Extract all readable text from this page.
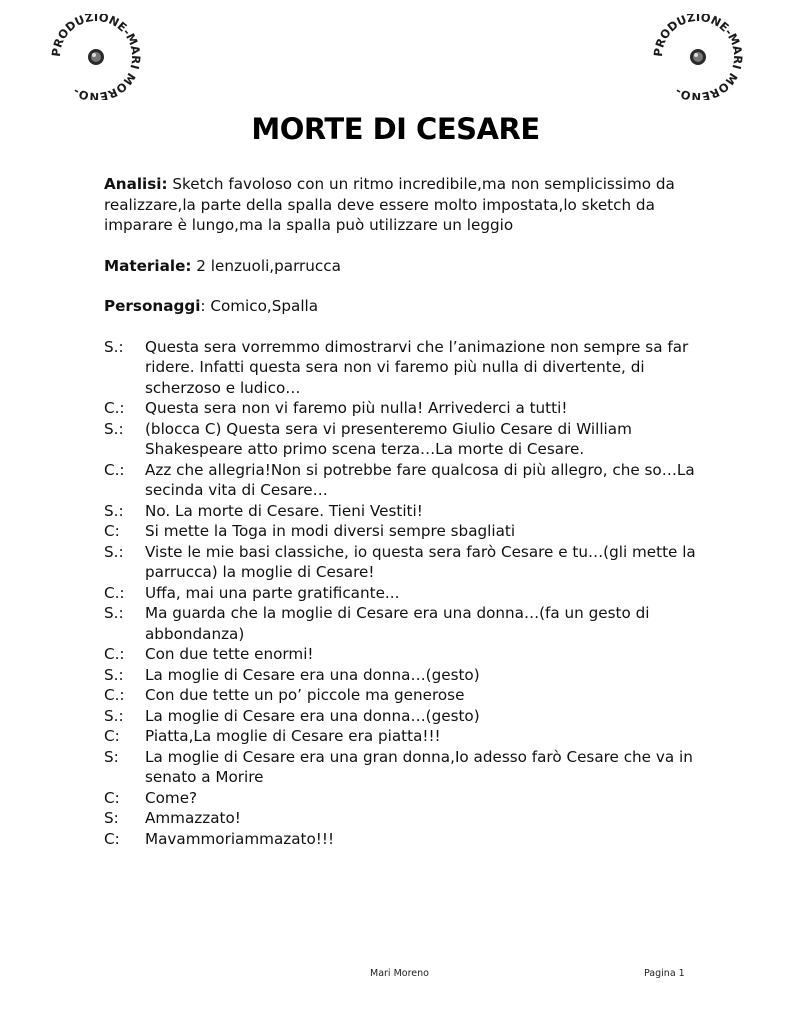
PRODUZIONE-MARI MORENO-
PRODUZIONE-MARI MORENO-
MORTE DI CESARE

Analisi: Sketch favoloso con un ritmo incredibile,ma non semplicissimo da realizzare,la parte della spalla deve essere molto impostata,lo sketch da imparare è lungo,ma la spalla può utilizzare un leggio

Materiale: 2 lenzuoli,parrucca

Personaggi: Comico,Spalla

S.:	Questa sera vorremmo dimostrarvi che l’animazione non sempre sa far ridere. Infatti questa sera non vi faremo più nulla di divertente, di scherzoso e ludico…
C.:	Questa sera non vi faremo più nulla! Arrivederci a tutti!
S.:	(blocca C) Questa sera vi presenteremo Giulio Cesare di William Shakespeare atto primo scena terza…La morte di Cesare.
C.:	Azz che allegria!Non si potrebbe fare qualcosa di più allegro, che so…La secinda vita di Cesare…
S.:	No. La morte di Cesare. Tieni Vestiti!
C:	Si mette la Toga in modi diversi sempre sbagliati
S.:	Viste le mie basi classiche, io questa sera farò Cesare e tu…(gli mette la parrucca) la moglie di Cesare!
C.:	Uffa, mai una parte gratificante...
S.:	Ma guarda che la moglie di Cesare era una donna…(fa un gesto di abbondanza)
C.:	Con due tette enormi!
S.:	La moglie di Cesare era una donna…(gesto)
C.:	Con due tette un po’ piccole ma generose
S.:	La moglie di Cesare era una donna…(gesto)
C:	Piatta,La moglie di Cesare era piatta!!!
S:	La moglie di Cesare era una gran donna,Io adesso farò Cesare che va in senato a Morire
C:	Come?
S:	Ammazzato!
C:	Mavammoriammazato!!!
Mari Moreno	Pagina 1
